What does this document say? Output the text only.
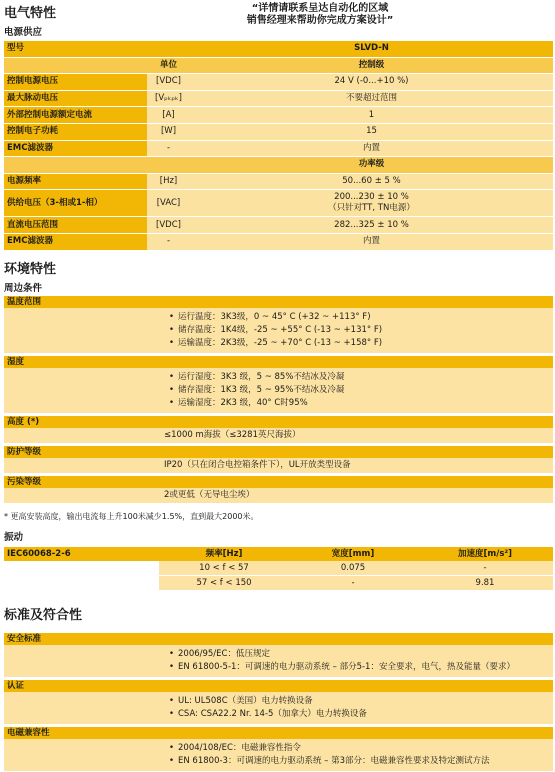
电气特性	“详情请联系呈达自动化的区域
销售经理来帮助你完成方案设计”
电源供应
型号		SLVD-N
	单位	控制级
控制电源电压	[VDC]	24 V (-0...+10 %)
最大脉动电压	[Vₚₖₚₖ]	不要超过范围
外部控制电源额定电流	[A]	1
控制电子功耗	[W]	15
EMC滤波器	-	内置
		功率级
电源频率	[Hz]	50...60 ± 5 %
供给电压（3-相或1-相）	[VAC]	200...230 ± 10 %
（只针对TT, TN电源）

直流电压范围	[VDC]	282...325 ± 10 %
EMC滤波器	-	内置
环境特性
周边条件
温度范围
• 运行温度：3K3级，0 ~ 45° C (+32 ~ +113° F)
• 储存温度：1K4级，-25 ~ +55° C (-13 ~ +131° F)
• 运输温度：2K3级，-25 ~ +70° C (-13 ~ +158° F)
湿度
• 运行湿度：3K3 级，5 ~ 85%不结冰及冷凝
• 储存湿度：1K3 级，5 ~ 95%不结冰及冷凝
• 运输湿度：2K3 级，40° C时95%
高度 (*)
≤1000 m海拔（≤3281英尺海拔）
防护等级
IP20（只在闭合电控箱条件下），UL开放类型设备
污染等级
2或更低（无导电尘埃）
* 更高安装高度，输出电流每上升100米减少1.5%，直到最大2000米。
振动
IEC60068-2-6	频率[Hz]	宽度[mm]	加速度[m/s²]
	10 < f < 57	0.075	-
	57 < f < 150	-	9.81
标准及符合性
安全标准
• 2006/95/EC：低压规定
• EN 61800-5-1：可调速的电力驱动系统 – 部分5-1：安全要求，电气，热及能量（要求）
认证
• UL: UL508C（美国）电力转换设备
• CSA: CSA22.2 Nr. 14-5（加拿大）电力转换设备
电磁兼容性
• 2004/108/EC：电磁兼容性指令
• EN 61800-3：可调速的电力驱动系统 – 第3部分：电磁兼容性要求及特定测试方法
